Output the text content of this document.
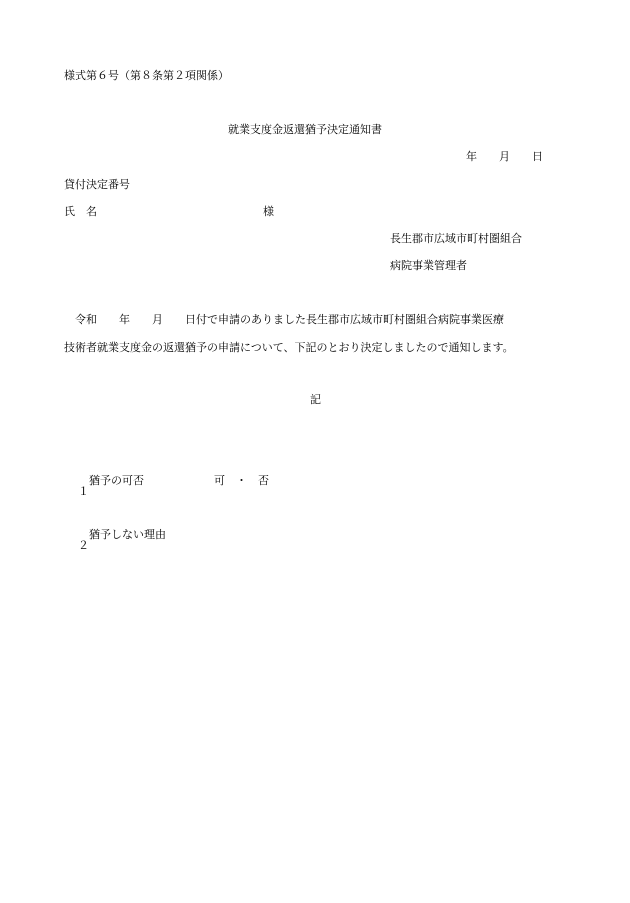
様式第６号（第８条第２項関係）
就業支度金返還猶予決定通知書
年　　月　　日
貸付決定番号
氏　名	様
長生郡市広域市町村圏組合
病院事業管理者
　令和　　年　　月　　日付で申請のありました長生郡市広域市町村圏組合病院事業医療
技術者就業支度金の返還猶予の申請について、下記のとおり決定しましたので通知します。
記

１

猶予の可否	可　・　否

２

猶予しない理由
